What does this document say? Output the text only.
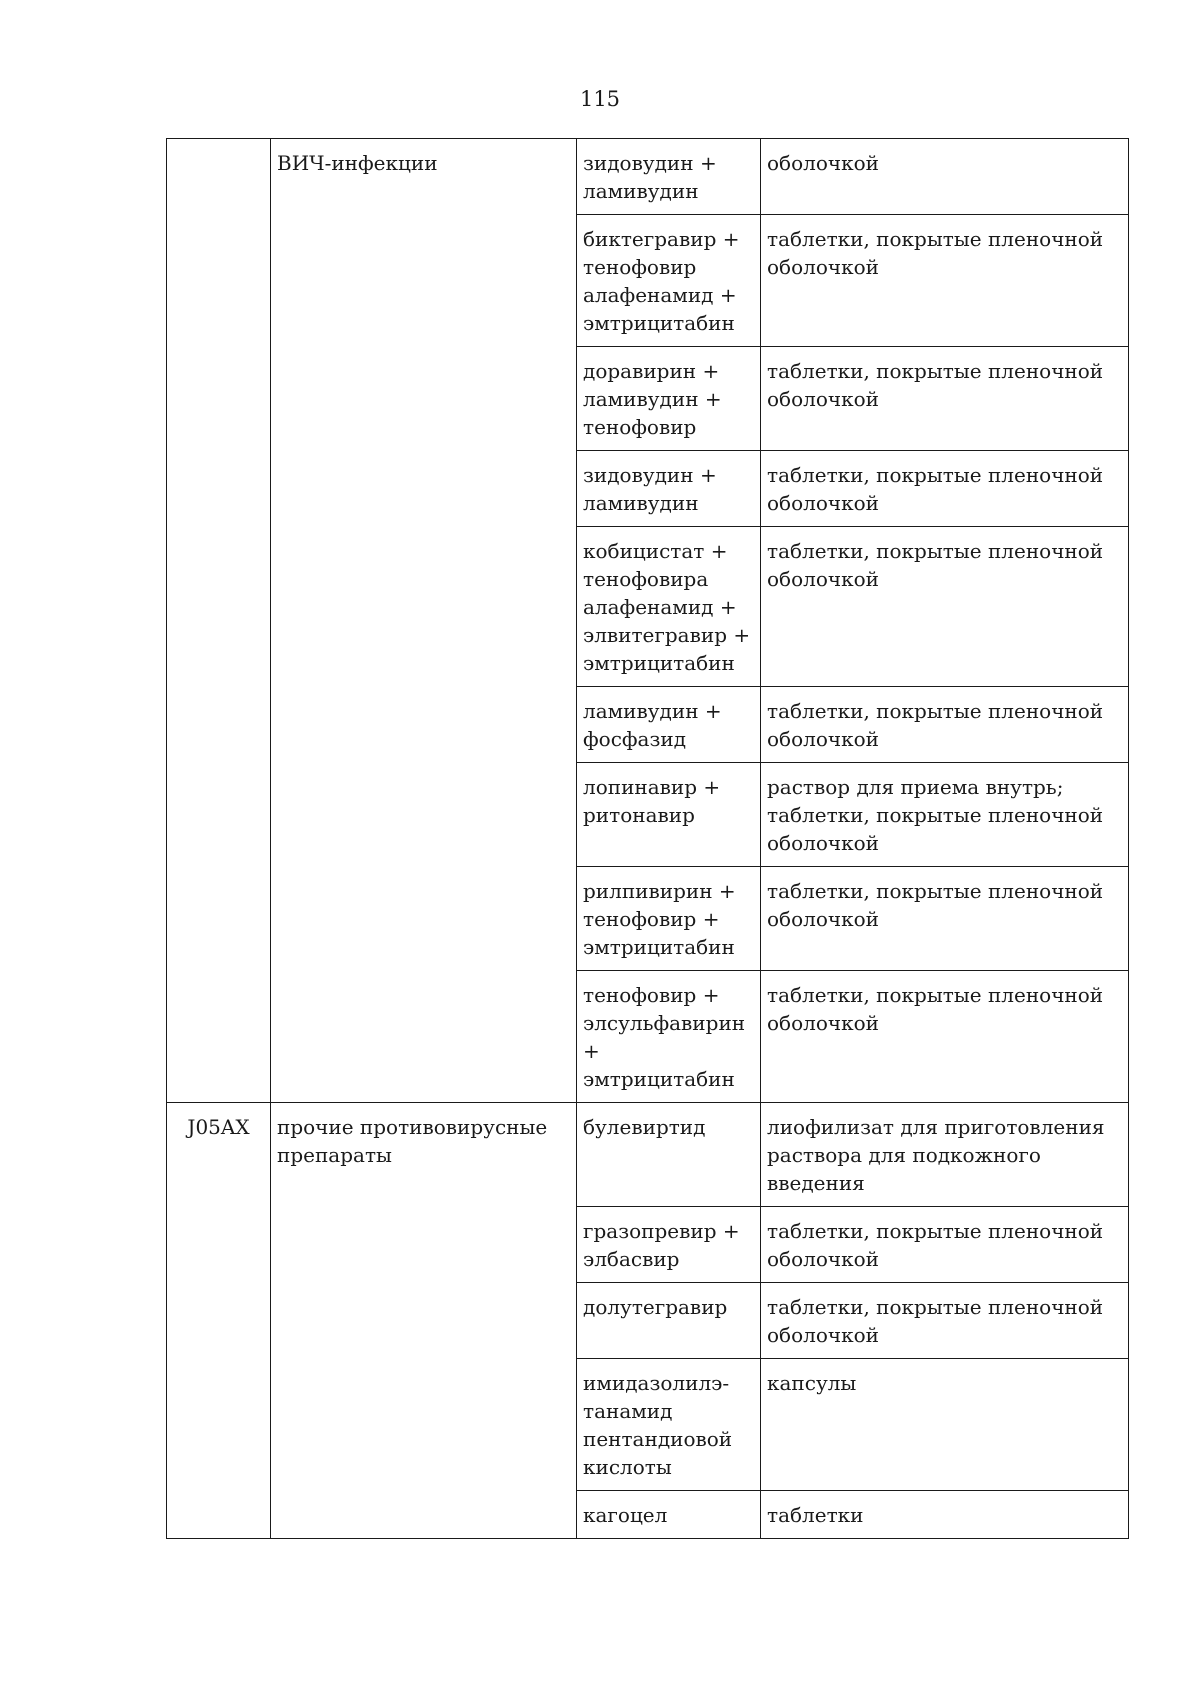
115
	ВИЧ-инфекции	зидовудин +
ламивудин	оболочкой
		биктегравир +
тенофовир
алафенамид +
эмтрицитабин	таблетки, покрытые пленочной
оболочкой
		доравирин +
ламивудин +
тенофовир	таблетки, покрытые пленочной
оболочкой
		зидовудин +
ламивудин	таблетки, покрытые пленочной
оболочкой
		кобицистат +
тенофовира
алафенамид +
элвитегравир +
эмтрицитабин	таблетки, покрытые пленочной
оболочкой
		ламивудин +
фосфазид	таблетки, покрытые пленочной
оболочкой
		лопинавир +
ритонавир	раствор для приема внутрь;
таблетки, покрытые пленочной
оболочкой
		рилпивирин +
тенофовир +
эмтрицитабин	таблетки, покрытые пленочной
оболочкой
		тенофовир +
элсульфавирин
+ эмтрицитабин	таблетки, покрытые пленочной
оболочкой
J05AX	прочие противовирусные
препараты	булевиртид	лиофилизат для приготовления
раствора для подкожного
введения
		гразопревир +
элбасвир	таблетки, покрытые пленочной
оболочкой
		долутегравир	таблетки, покрытые пленочной
оболочкой
		имидазолилэ-
танамид
пентандиовой
кислоты	капсулы
		кагоцел	таблетки
